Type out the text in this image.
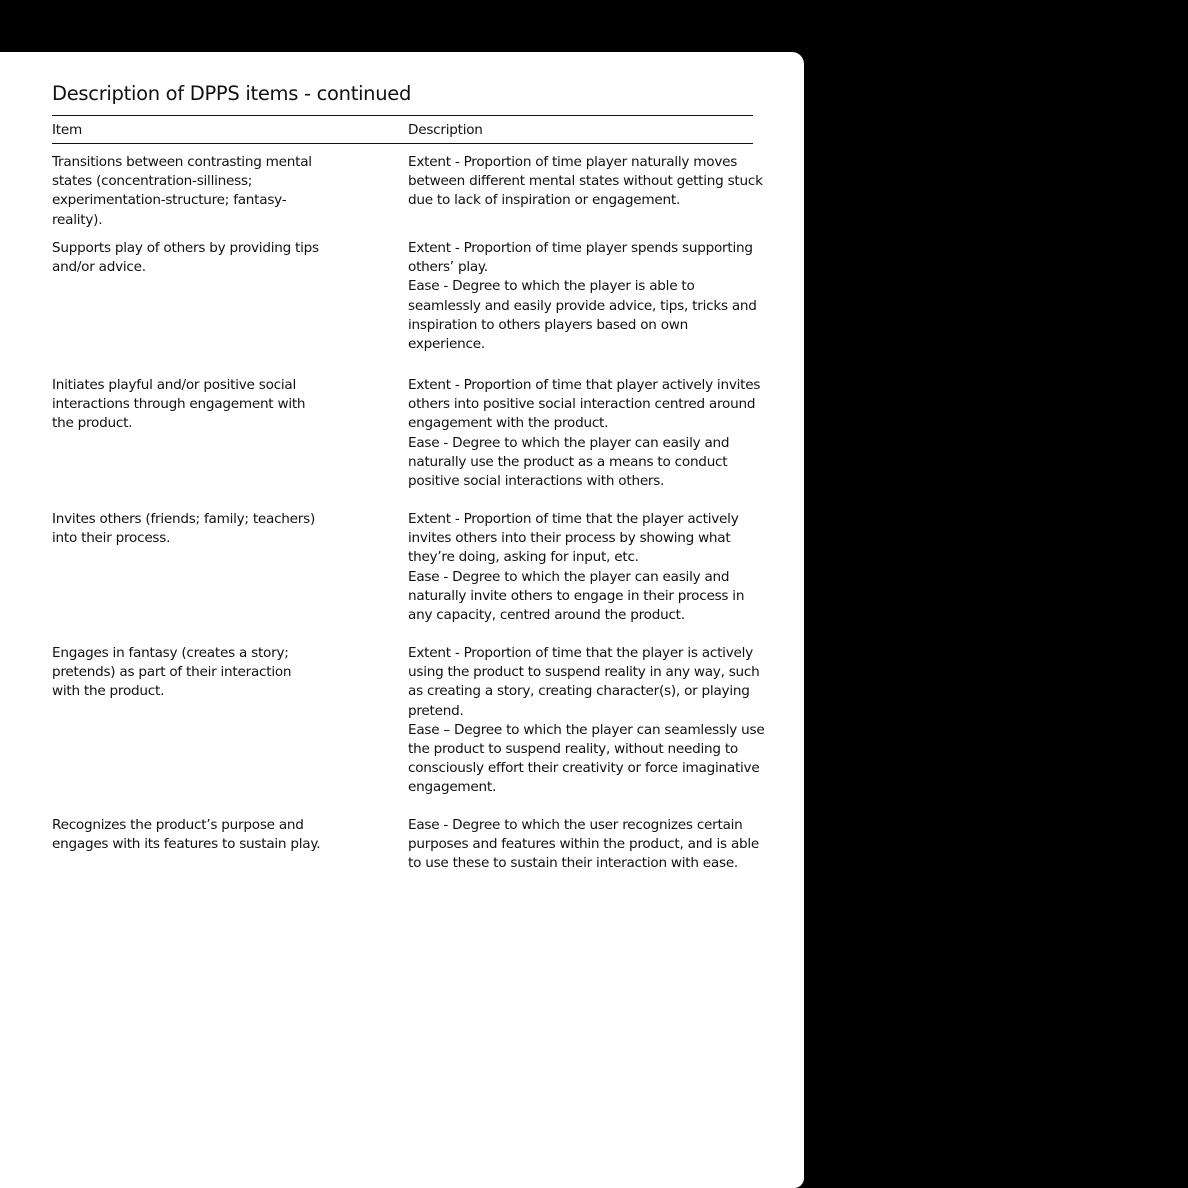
Description of DPPS items - continued
Item	Description
Transitions between contrasting mental
states (concentration-silliness;
experimentation-structure; fantasy-
reality).
Extent - Proportion of time player naturally moves
between different mental states without getting stuck
due to lack of inspiration or engagement.
Supports play of others by providing tips
and/or advice.
Extent - Proportion of time player spends supporting
others’ play.
Ease - Degree to which the player is able to
seamlessly and easily provide advice, tips, tricks and
inspiration to others players based on own
experience.
Initiates playful and/or positive social
interactions through engagement with
the product.
Extent - Proportion of time that player actively invites
others into positive social interaction centred around
engagement with the product.
Ease - Degree to which the player can easily and
naturally use the product as a means to conduct
positive social interactions with others.
Invites others (friends; family; teachers)
into their process.
Extent - Proportion of time that the player actively
invites others into their process by showing what
they’re doing, asking for input, etc.
Ease - Degree to which the player can easily and
naturally invite others to engage in their process in
any capacity, centred around the product.
Engages in fantasy (creates a story;
pretends) as part of their interaction
with the product.
Extent - Proportion of time that the player is actively
using the product to suspend reality in any way, such
as creating a story, creating character(s), or playing
pretend.
Ease – Degree to which the player can seamlessly use
the product to suspend reality, without needing to
consciously effort their creativity or force imaginative
engagement.
Recognizes the product’s purpose and
engages with its features to sustain play.
Ease - Degree to which the user recognizes certain
purposes and features within the product, and is able
to use these to sustain their interaction with ease.
